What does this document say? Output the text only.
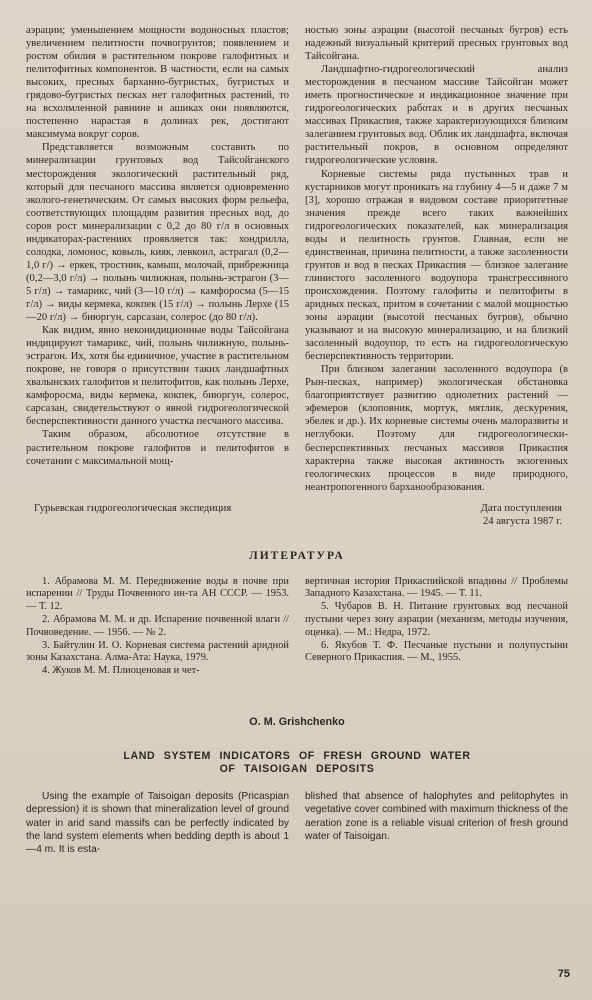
аэрации; уменьшением мощности водоносных пластов; увеличением пелитности почвогрунтов; появлением и ростом обилия в растительном покрове галофитных и пелитофитных компонентов. В частности, если на самых высоких, пресных барханно-бугристых, бугристых и грядово-бугристых песках нет галофитных растений, то на всхолмленной равнине и ашиках они появляются, постепенно нарастая в долинах рек, достигают максимума вокруг соров.

Представляется возможным составить по минерализации грунтовых вод Тайсойганского месторождения экологический растительный ряд, который для песчаного массива является одновременно эколого-генетическим. От самых высоких форм рельефа, соответствующих площадям развития пресных вод, до соров рост минерализации с 0,2 до 80 г/л в основных индикаторах-растениях проявляется так: хондрилла, солодка, ломонос, ковыль, кияк, левкоил, астрагал (0,2—1,0 г/) → еркек, тростник, камыш, молочай, прибрежница (0,2—3,0 г/л) → полынь чилижная, полынь-эстрагон (3—5 г/л) → тамарикс, чий (3—10 г/л) → камфоросма (5—15 г/л) → виды кермека, кокпек (15 г/л) → полынь Лерхе (15—20 г/л) → биюргун, сарсазан, солерос (до 80 г/л).

Как видим, явно неконидиционные воды Тайсойгана индицируют тамарикс, чий, полынь чилижную, полынь-эстрагон. Их, хотя бы единичное, участие в растительном покрове, не говоря о присутствии таких ландшафтных хвалынских галофитов и пелитофитов, как полынь Лерхе, камфоросма, виды кермека, кокпек, биюргун, солерос, сарсазан, свидетельствуют о явной гидрогеологической бесперспективности данного участка песчаного массива.

Таким образом, абсолютное отсутствие в растительном покрове галофитов и пелитофитов в сочетании с максимальной мощ-

ностью зоны аэрации (высотой песчаных бугров) есть надежный визуальный критерий пресных грунтовых вод Тайсойгана.

Ландшафтно-гидрогеологический анализ месторождения в песчаном массиве Тайсойган может иметь прогностическое и индикационное значение при гидрогеологических работах и в других песчаных массивах Прикаспия, также характеризующихся близким залеганием грунтовых вод. Облик их ландшафта, включая растительный покров, в основном определяют гидрогеологические условия.

Корневые системы ряда пустынных трав и кустарников могут проникать на глубину 4—5 и даже 7 м [3], хорошо отражая в видовом составе приоритетные значения прежде всего таких важнейших гидрогеологических показателей, как минерализация воды и пелитность грунтов. Главная, если не единственная, причина пелитности, а также засоленности грунтов и вод в песках Прикаспия — близкое залегание глинистого засоленного водоупора трансгрессивного происхождения. Поэтому галофиты и пелитофиты в аридных песках, притом в сочетании с малой мощностью зоны аэрации (высотой песчаных бугров), обычно указывают и на высокую минерализацию, и на близкий засоленный водоупор, то есть на гидрогеологическую бесперспективность территории.

При близком залегании засоленного водоупора (в Рын-песках, например) экологическая обстановка благоприятствует развитию однолетних растений — эфемеров (клоповник, мортук, мятлик, дескурения, эбелек и др.). Их корневые системы очень малоразвиты и неглубоки. Поэтому для гидрогеологически-бесперспективных песчаных массивов Прикаспия характерна также высокая активность экзогенных геологических процессов в виде природного, неантропогенного барханообразования.

Гурьевская гидрогеологическая экспедиция	Дата поступления
24 августа 1987 г.
ЛИТЕРАТУРА

1. Абрамова М. М. Передвижение воды в почве при испарении // Труды Почвенного ин-та АН СССР. — 1953. — Т. 12.

2. Абрамова М. М. и др. Испарение почвенной влаги // Почвоведение. — 1956. — № 2.

3. Байтулин И. О. Корневая система растений аридной зоны Казахстана. Алма-Ата: Наука, 1979.

4. Жуков М. М. Плиоценовая и чет-

вертичная история Прикаспийской впадины // Проблемы Западного Казахстана. — 1945. — Т. 11.

5. Чубаров В. Н. Питание грунтовых вод песчаной пустыни через зону аэрации (механизм, методы изучения, оценка). — М.: Недра, 1972.

6. Якубов Т. Ф. Песчаные пустыни и полупустыни Северного Прикаспия. — М., 1955.

O. M. Grishchenko
LAND SYSTEM INDICATORS OF FRESH GROUND WATER
OF TAISOIGAN DEPOSITS

Using the example of Taisoigan deposits (Pricaspian depression) it is shown that mineralization level of ground water in arid sand massifs can be perfectly indicated by the land system elements when bedding depth is about 1—4 m. It is esta-

blished that absence of halophytes and pelitophytes in vegetative cover combined with maximum thickness of the aeration zone is a reliable visual criterion of fresh ground water of Taisoigan.

75
